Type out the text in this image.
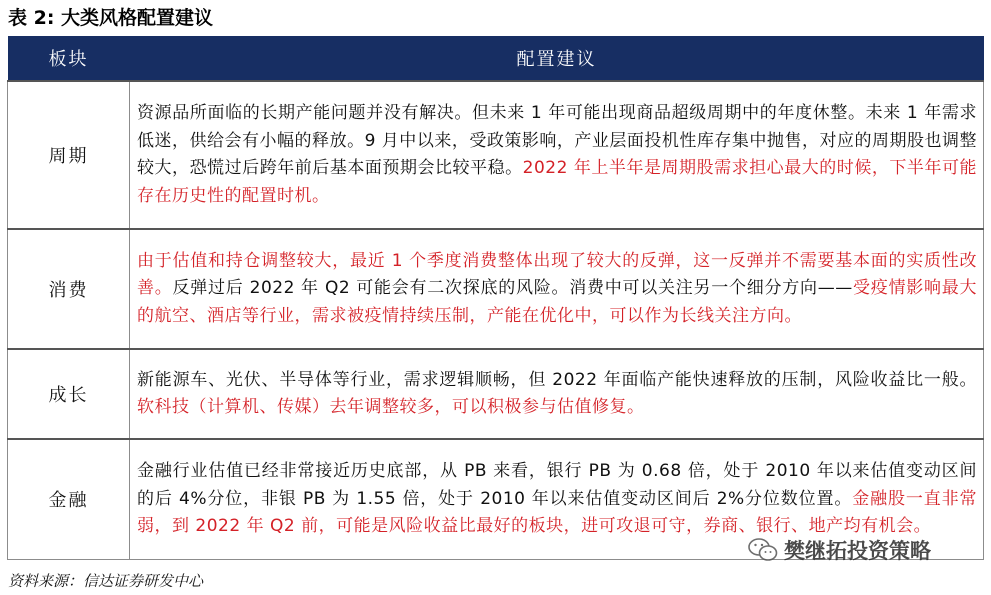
表 2: 大类风格配置建议
板块	配置建议
周期	资源品所面临的长期产能问题并没有解决。但未来 1 年可能出现商品超级周期中的年度休整。未来 1 年需求低迷，供给会有小幅的释放。9 月中以来，受政策影响，产业层面投机性库存集中抛售，对应的周期股也调整较大，恐慌过后跨年前后基本面预期会比较平稳。2022 年上半年是周期股需求担心最大的时候，下半年可能存在历史性的配置时机。
消费	由于估值和持仓调整较大，最近 1 个季度消费整体出现了较大的反弹，这一反弹并不需要基本面的实质性改善。反弹过后 2022 年 Q2 可能会有二次探底的风险。消费中可以关注另一个细分方向——受疫情影响最大的航空、酒店等行业，需求被疫情持续压制，产能在优化中，可以作为长线关注方向。
成长	新能源车、光伏、半导体等行业，需求逻辑顺畅，但 2022 年面临产能快速释放的压制，风险收益比一般。软科技（计算机、传媒）去年调整较多，可以积极参与估值修复。
金融	金融行业估值已经非常接近历史底部，从 PB 来看，银行 PB 为 0.68 倍，处于 2010 年以来估值变动区间的后 4%分位，非银 PB 为 1.55 倍，处于 2010 年以来估值变动区间后 2%分位数位置。金融股一直非常弱，到 2022 年 Q2 前，可能是风险收益比最好的板块，进可攻退可守，券商、银行、地产均有机会。
资料来源：信达证券研发中心
樊继拓投资策略
